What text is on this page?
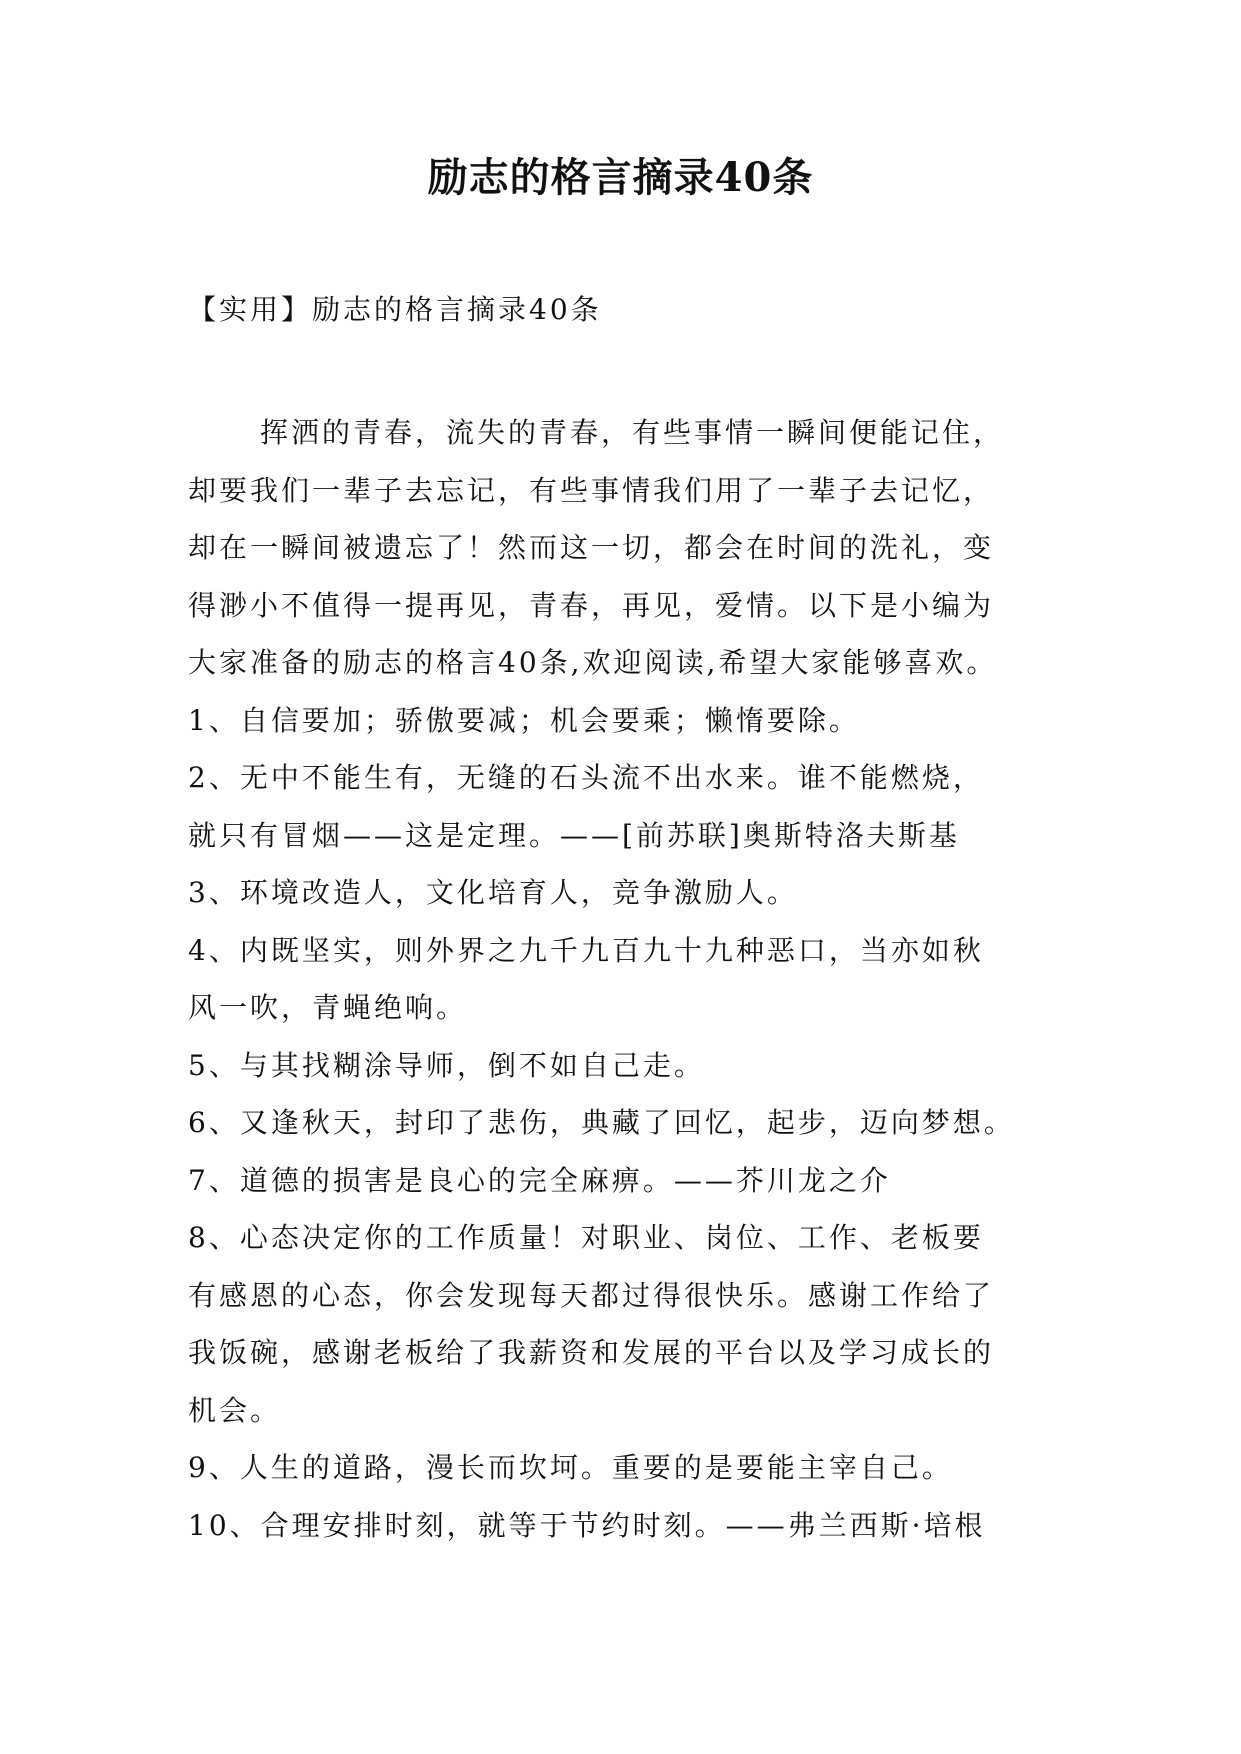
励志的格言摘录40条

【实用】励志的格言摘录40条

挥洒的青春，流失的青春，有些事情一瞬间便能记住，
却要我们一辈子去忘记，有些事情我们用了一辈子去记忆，
却在一瞬间被遗忘了！然而这一切，都会在时间的洗礼，变
得渺小不值得一提再见，青春，再见，爱情。以下是小编为
大家准备的励志的格言40条,欢迎阅读,希望大家能够喜欢。
1、自信要加；骄傲要减；机会要乘；懒惰要除。
2、无中不能生有，无缝的石头流不出水来。谁不能燃烧，
就只有冒烟——这是定理。——[前苏联]奥斯特洛夫斯基
3、环境改造人，文化培育人，竞争激励人。
4、内既坚实，则外界之九千九百九十九种恶口，当亦如秋
风一吹，青蝇绝响。
5、与其找糊涂导师，倒不如自己走。
6、又逢秋天，封印了悲伤，典藏了回忆，起步，迈向梦想。
7、道德的损害是良心的完全麻痹。——芥川龙之介
8、心态决定你的工作质量！对职业、岗位、工作、老板要
有感恩的心态，你会发现每天都过得很快乐。感谢工作给了
我饭碗，感谢老板给了我薪资和发展的平台以及学习成长的
机会。
9、人生的道路，漫长而坎坷。重要的是要能主宰自己。
10、合理安排时刻，就等于节约时刻。——弗兰西斯·培根
